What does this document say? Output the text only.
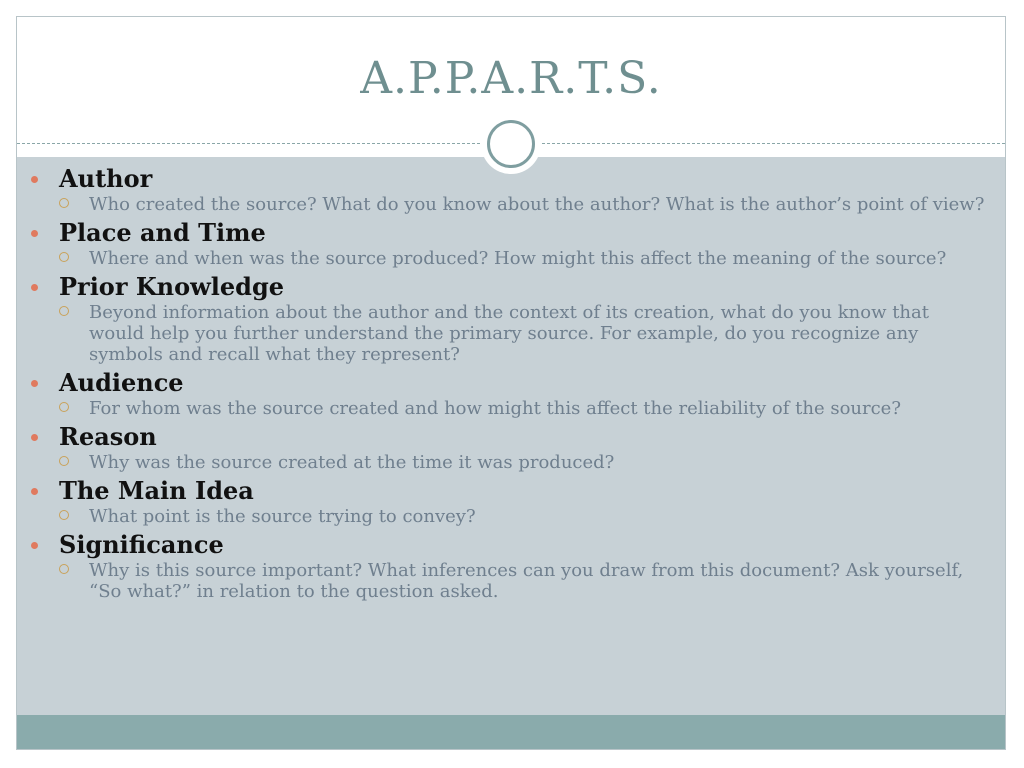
A.P.P.A.R.T.S.
Author
Who created the source? What do you know about the author? What is the author’s point of view?
Place and Time
Where and when was the source produced? How might this affect the meaning of the source?
Prior Knowledge
Beyond information about the author and the context of its creation, what do you know that would help you further understand the primary source. For example, do you recognize any symbols and recall what they represent?
Audience
For whom was the source created and how might this affect the reliability of the source?
Reason
Why was the source created at the time it was produced?
The Main Idea
What point is the source trying to convey?
Significance
Why is this source important? What inferences can you draw from this document? Ask yourself, “So what?” in relation to the question asked.
